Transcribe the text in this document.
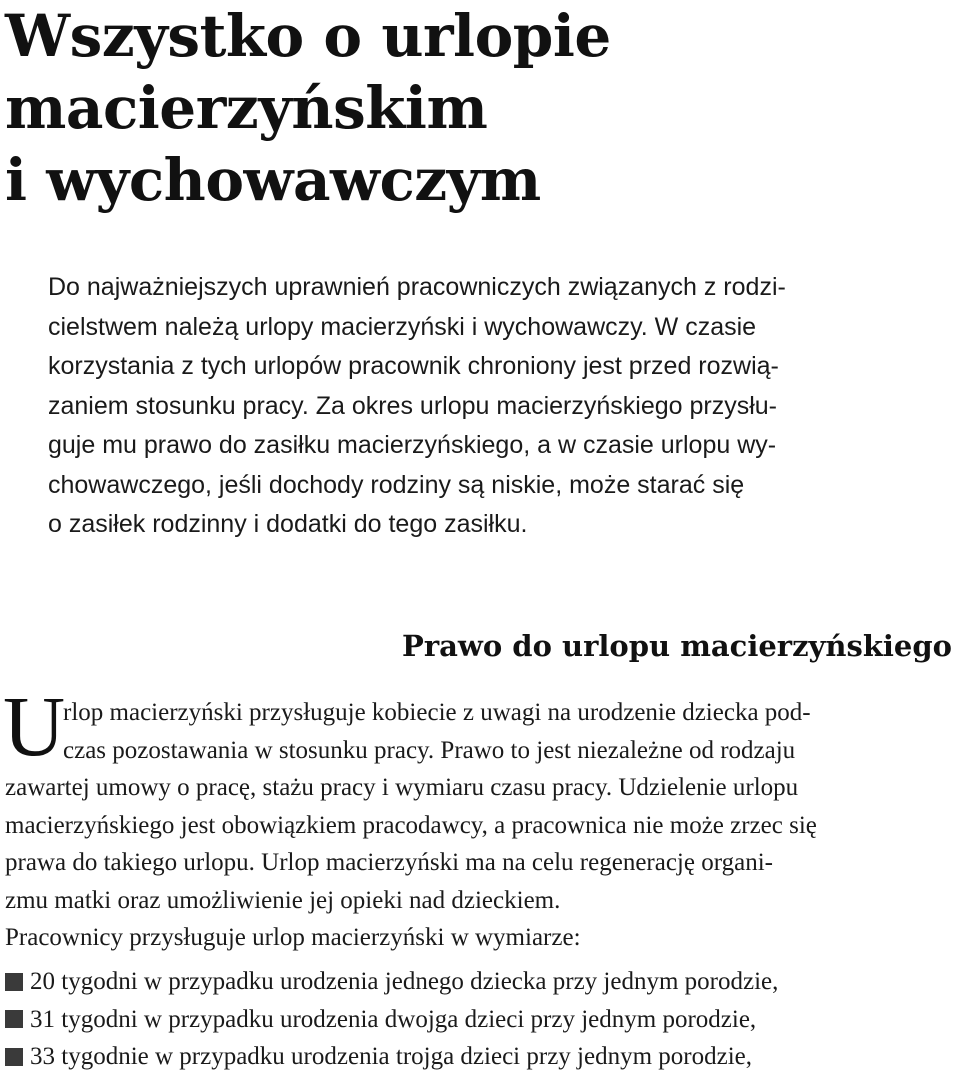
Wszystko o urlopie
macierzyńskim
i wychowawczym
Do najważniejszych uprawnień pracowniczych związanych z rodzi-
cielstwem należą urlopy macierzyński i wychowawczy. W czasie
korzystania z tych urlopów pracownik chroniony jest przed rozwią-
zaniem stosunku pracy. Za okres urlopu macierzyńskiego przysłu-
guje mu prawo do zasiłku macierzyńskiego, a w czasie urlopu wy-
chowawczego, jeśli dochody rodziny są niskie, może starać się
o zasiłek rodzinny i dodatki do tego zasiłku.
Prawo do urlopu macierzyńskiego
U
rlop macierzyński przysługuje kobiecie z uwagi na urodzenie dziecka pod-
czas pozostawania w stosunku pracy. Prawo to jest niezależne od rodzaju
zawartej umowy o pracę, stażu pracy i wymiaru czasu pracy. Udzielenie urlopu
macierzyńskiego jest obowiązkiem pracodawcy, a pracownica nie może zrzec się
prawa do takiego urlopu. Urlop macierzyński ma na celu regenerację organi-
zmu matki oraz umożliwienie jej opieki nad dzieckiem.
Pracownicy przysługuje urlop macierzyński w wymiarze:
20 tygodni w przypadku urodzenia jednego dziecka przy jednym porodzie,
31 tygodni w przypadku urodzenia dwojga dzieci przy jednym porodzie,
33 tygodnie w przypadku urodzenia trojga dzieci przy jednym porodzie,
